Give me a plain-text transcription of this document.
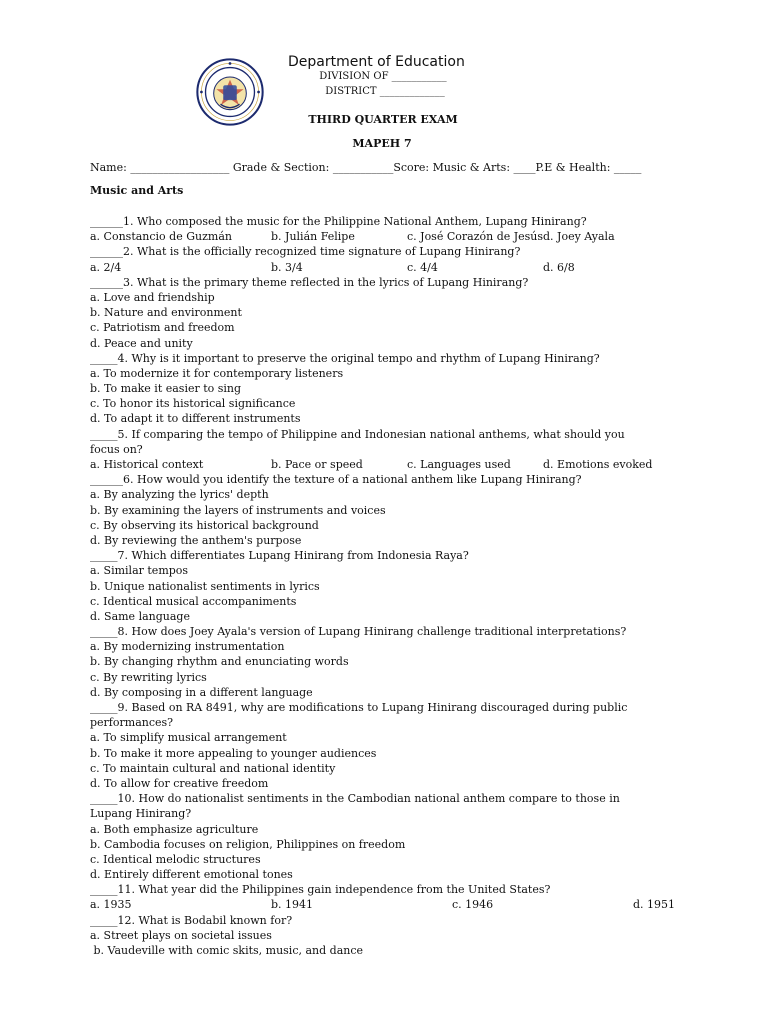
Department of Education
DIVISION OF ___________
DISTRICT _____________
THIRD QUARTER EXAM
MAPEH 7
Name: __________________ Grade & Section: ___________Score: Music & Arts: ____P.E & Health: _____
Music and Arts
______1. Who composed the music for the Philippine National Anthem, Lupang Hinirang?
a. Constancio de Guzmán	b. Julián Felipe	c. José Corazón de Jesús d. Joey Ayala
______2. What is the officially recognized time signature of Lupang Hinirang?
a. 2/4	b. 3/4	c. 4/4	d. 6/8
______3. What is the primary theme reflected in the lyrics of Lupang Hinirang?
a. Love and friendship
b. Nature and environment
c. Patriotism and freedom
d. Peace and unity
_____4. Why is it important to preserve the original tempo and rhythm of Lupang Hinirang?
a. To modernize it for contemporary listeners
b. To make it easier to sing
c. To honor its historical significance
d. To adapt it to different instruments
_____5. If comparing the tempo of Philippine and Indonesian national anthems, what should you
focus on?
a. Historical context	b. Pace or speed	c. Languages used	d. Emotions evoked
______6. How would you identify the texture of a national anthem like Lupang Hinirang?
a. By analyzing the lyrics' depth
b. By examining the layers of instruments and voices
c. By observing its historical background
d. By reviewing the anthem's purpose
_____7. Which differentiates Lupang Hinirang from Indonesia Raya?
a. Similar tempos
b. Unique nationalist sentiments in lyrics
c. Identical musical accompaniments
d. Same language
_____8. How does Joey Ayala's version of Lupang Hinirang challenge traditional interpretations?
a. By modernizing instrumentation
b. By changing rhythm and enunciating words
c. By rewriting lyrics
d. By composing in a different language
_____9. Based on RA 8491, why are modifications to Lupang Hinirang discouraged during public
performances?
a. To simplify musical arrangement
b. To make it more appealing to younger audiences
c. To maintain cultural and national identity
d. To allow for creative freedom
_____10. How do nationalist sentiments in the Cambodian national anthem compare to those in
Lupang Hinirang?
a. Both emphasize agriculture
b. Cambodia focuses on religion, Philippines on freedom
c. Identical melodic structures
d. Entirely different emotional tones
_____11. What year did the Philippines gain independence from the United States?
a. 1935	b. 1941	c. 1946	d. 1951
_____12. What is Bodabil known for?
a. Street plays on societal issues
b. Vaudeville with comic skits, music, and dance
